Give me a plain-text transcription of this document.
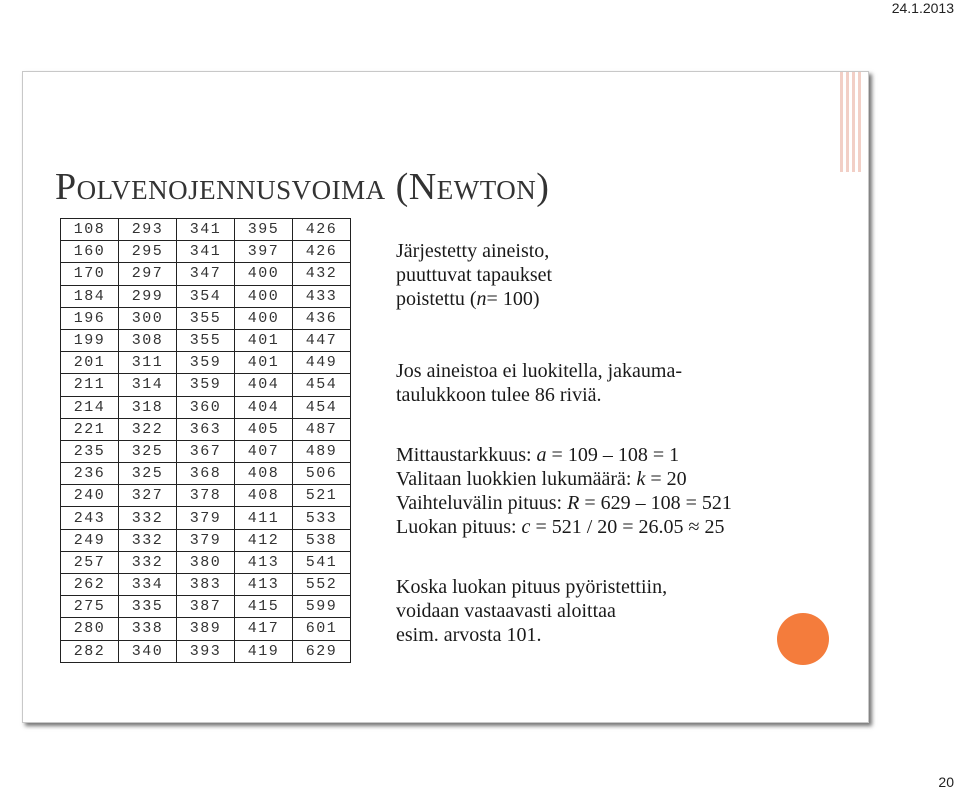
24.1.2013
POLVENOJENNUSVOIMA (NEWTON)
108	293	341	395	426
160	295	341	397	426
170	297	347	400	432
184	299	354	400	433
196	300	355	400	436
199	308	355	401	447
201	311	359	401	449
211	314	359	404	454
214	318	360	404	454
221	322	363	405	487
235	325	367	407	489
236	325	368	408	506
240	327	378	408	521
243	332	379	411	533
249	332	379	412	538
257	332	380	413	541
262	334	383	413	552
275	335	387	415	599
280	338	389	417	601
282	340	393	419	629

Järjestetty aineisto,

puuttuvat tapaukset

poistettu (n= 100)

Jos aineistoa ei luokitella, jakauma-

taulukkoon tulee 86 riviä.

Mittaustarkkuus: a = 109 – 108 = 1

Valitaan luokkien lukumäärä: k = 20

Vaihteluvälin pituus: R = 629 – 108 = 521

Luokan pituus: c = 521 / 20 = 26.05 ≈ 25

Koska luokan pituus pyöristettiin,

voidaan vastaavasti aloittaa

esim. arvosta 101.

20
